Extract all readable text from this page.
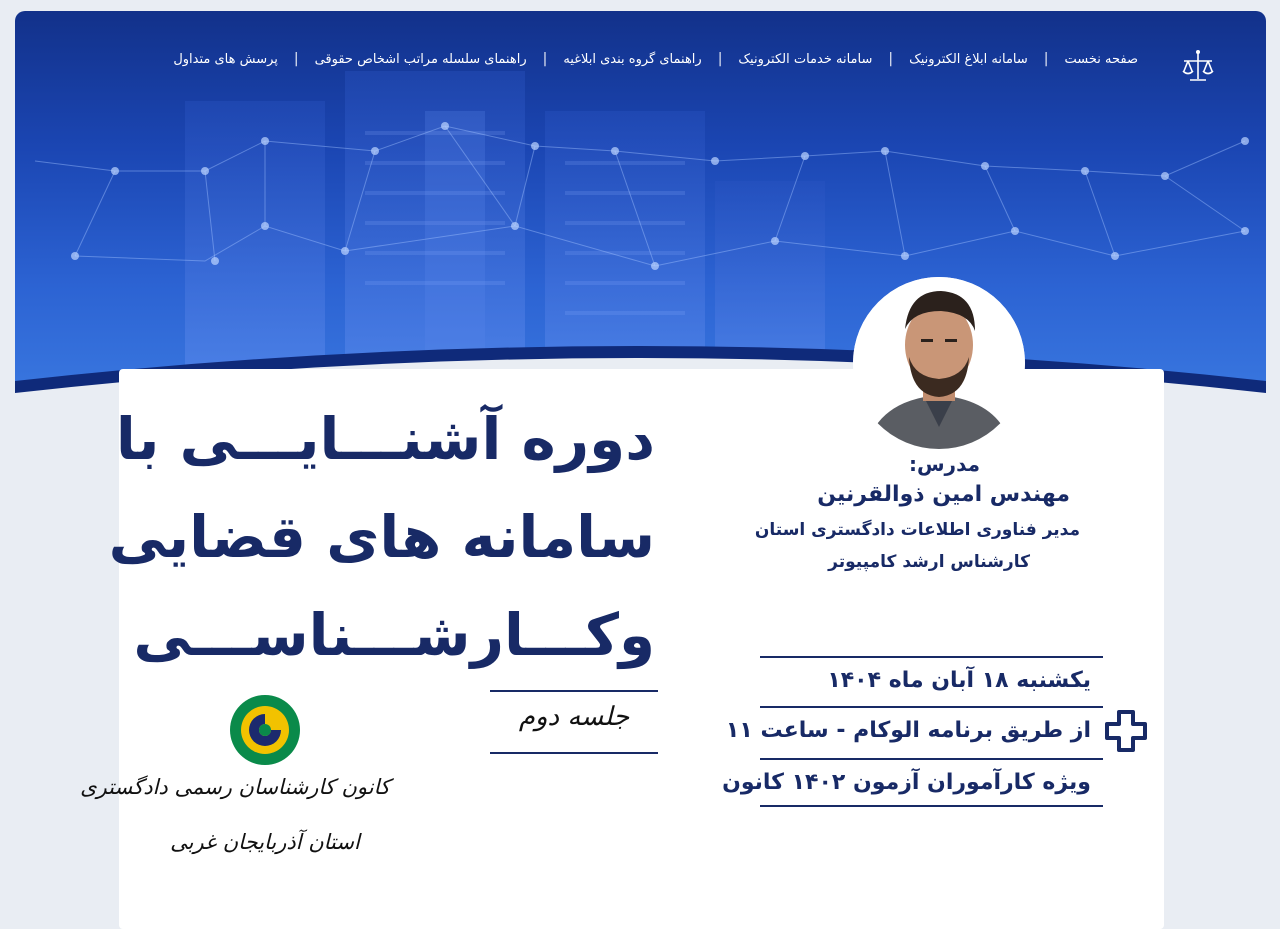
صفحه نخست
|
سامانه ابلاغ الکترونیک
|
سامانه خدمات الکترونیک
|
راهنمای گروه بندی ابلاغیه
|
راهنمای سلسله مراتب اشخاص حقوقی
|
پرسش های متداول
دوره آشنـــایـــی با
سامانه های قضایی
وکـــارشـــناســـی
جلسه دوم
مدرس:
مهندس امین ذوالقرنین
مدیر فناوری اطلاعات دادگستری استان
کارشناس ارشد کامپیوتر
یکشنبه ۱۸ آبان ماه ۱۴۰۴
از طریق برنامه الوکام - ساعت ۱۱
ویژه کارآموران آزمون ۱۴۰۲ کانون
کانون کارشناسان رسمی دادگستری
استان آذربایجان غربی
